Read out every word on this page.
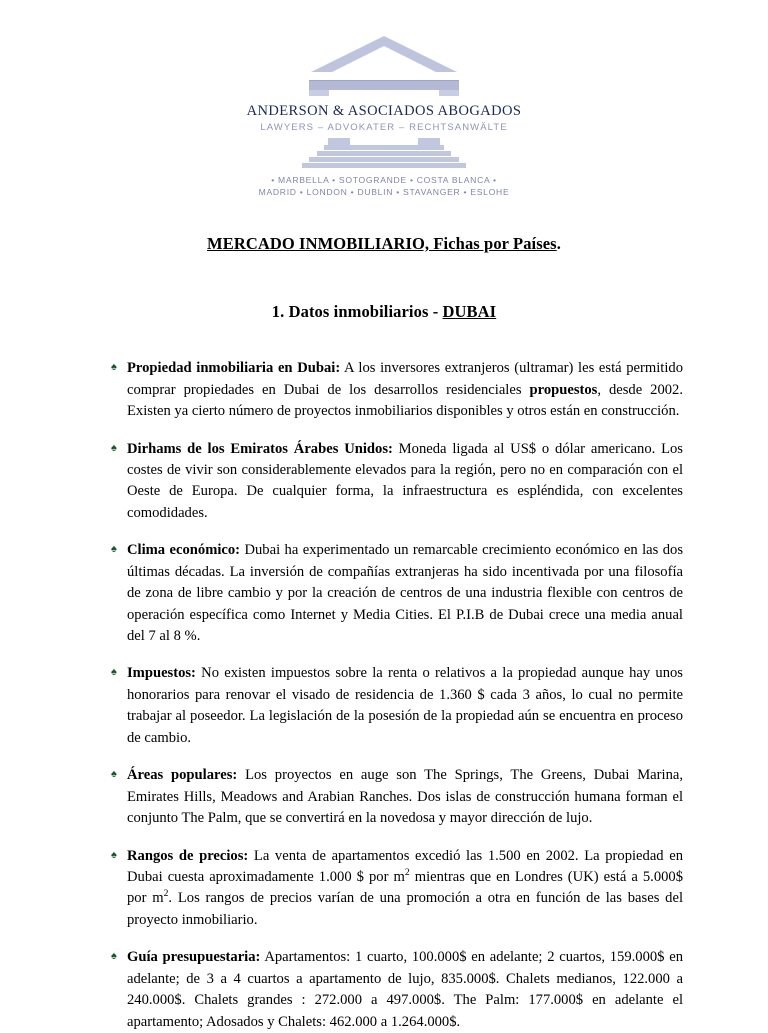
ANDERSON & ASOCIADOS ABOGADOS
LAWYERS – ADVOKATER – RECHTSANWÄLTE
• MARBELLA • SOTOGRANDE • COSTA BLANCA •
MADRID • LONDON • DUBLIN • STAVANGER • ESLOHE
MERCADO INMOBILIARIO, Fichas por Países.
1. Datos inmobiliarios - DUBAI
♠ Propiedad inmobiliaria en Dubai: A los inversores extranjeros (ultramar) les está permitido comprar propiedades en Dubai de los desarrollos residenciales propuestos, desde 2002. Existen ya cierto número de proyectos inmobiliarios disponibles y otros están en construcción.
♠ Dirhams de los Emiratos Árabes Unidos: Moneda ligada al US$ o dólar americano. Los costes de vivir son considerablemente elevados para la región, pero no en comparación con el Oeste de Europa. De cualquier forma, la infraestructura es espléndida, con excelentes comodidades.
♠ Clima económico: Dubai ha experimentado un remarcable crecimiento económico en las dos últimas décadas. La inversión de compañías extranjeras ha sido incentivada por una filosofía de zona de libre cambio y por la creación de centros de una industria flexible con centros de operación específica como Internet y Media Cities. El P.I.B de Dubai crece una media anual del 7 al 8 %.
♠ Impuestos: No existen impuestos sobre la renta o relativos a la propiedad aunque hay unos honorarios para renovar el visado de residencia de 1.360 $ cada 3 años, lo cual no permite trabajar al poseedor. La legislación de la posesión de la propiedad aún se encuentra en proceso de cambio.
♠ Áreas populares: Los proyectos en auge son The Springs, The Greens, Dubai Marina, Emirates Hills, Meadows and Arabian Ranches. Dos islas de construcción humana forman el conjunto The Palm, que se convertirá en la novedosa y mayor dirección de lujo.
♠ Rangos de precios: La venta de apartamentos excedió las 1.500 en 2002. La propiedad en Dubai cuesta aproximadamente 1.000 $ por $m^2$ mientras que en Londres (UK) está a 5.000$ por $m^2$. Los rangos de precios varían de una promoción a otra en función de las bases del proyecto inmobiliario.
♠ Guía presupuestaria: Apartamentos: 1 cuarto, 100.000$ en adelante; 2 cuartos, 159.000$ en adelante; de 3 a 4 cuartos a apartamento de lujo, 835.000$. Chalets medianos, 122.000 a 240.000$. Chalets grandes : 272.000 a 497.000$. The Palm: 177.000$ en adelante el apartamento; Adosados y Chalets: 462.000 a 1.264.000$.
